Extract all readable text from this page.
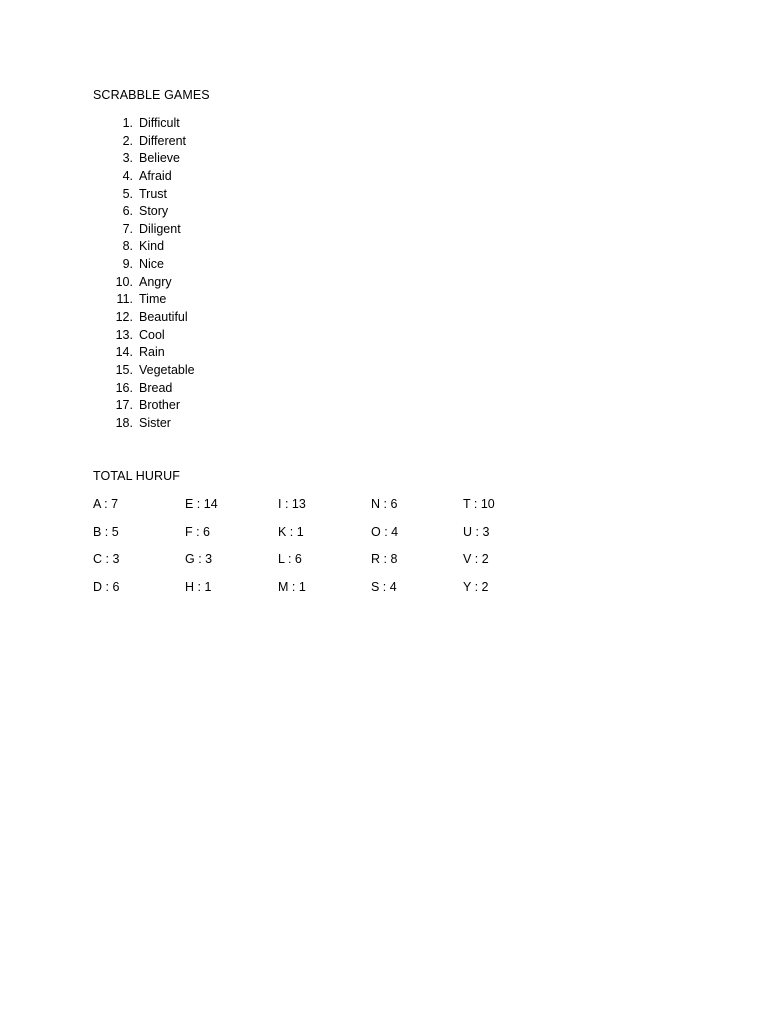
SCRABBLE GAMES
1. Difficult
2. Different
3. Believe
4. Afraid
5. Trust
6. Story
7. Diligent
8. Kind
9. Nice
10. Angry
11. Time
12. Beautiful
13. Cool
14. Rain
15. Vegetable
16. Bread
17. Brother
18. Sister
TOTAL HURUF
A : 7	E : 14	I : 13	N : 6	T : 10
B : 5	F : 6	K : 1	O : 4	U : 3
C : 3	G : 3	L : 6	R : 8	V : 2
D : 6	H : 1	M : 1	S : 4	Y : 2
